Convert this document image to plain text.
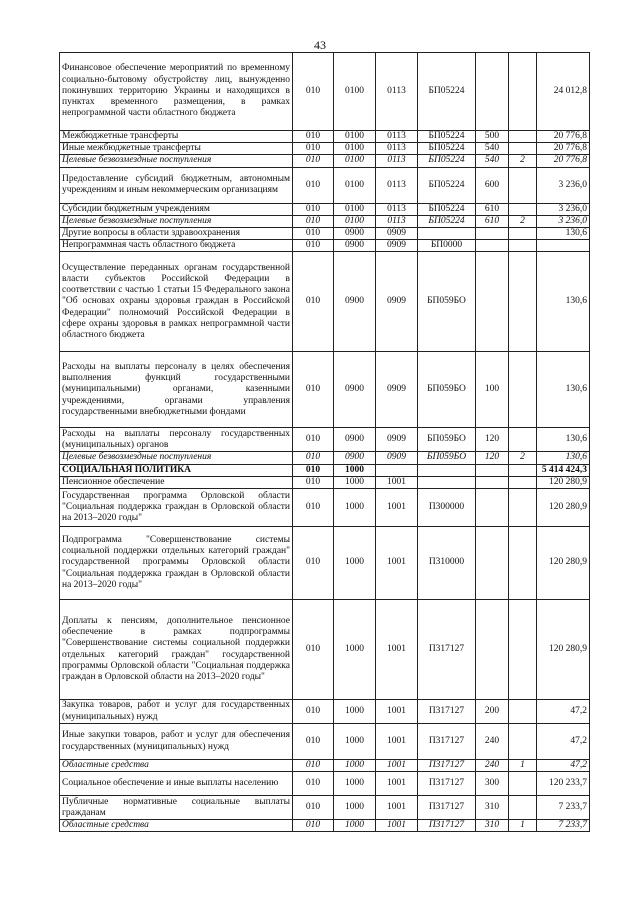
43
Финансовое обеспечение мероприятий по временному социально-бытовому обустройству лиц, вынужденно покинувших территорию Украины и находящихся в пунктах временного размещения, в рамках непрограммной части областного бюджета	010	0100	0113	БП05224			24 012,8
Межбюджетные трансферты	010	0100	0113	БП05224	500		20 776,8
Иные межбюджетные трансферты	010	0100	0113	БП05224	540		20 776,8
Целевые безвозмездные поступления	010	0100	0113	БП05224	540	2	20 776,8
Предоставление субсидий бюджетным, автономным учреждениям и иным некоммерческим организациям	010	0100	0113	БП05224	600		3 236,0
Субсидии бюджетным учреждениям	010	0100	0113	БП05224	610		3 236,0
Целевые безвозмездные поступления	010	0100	0113	БП05224	610	2	3 236,0
Другие вопросы в области здравоохранения	010	0900	0909				130,6
Непрограммная часть областного бюджета	010	0900	0909	БП0000			
Осуществление переданных органам государственной власти субъектов Российской Федерации в соответствии с частью 1 статьи 15 Федерального закона "Об основах охраны здоровья граждан в Российской Федерации" полномочий Российской Федерации в сфере охраны здоровья в рамках непрограммной части областного бюджета	010	0900	0909	БП059БО			130,6
Расходы на выплаты персоналу в целях обеспечения выполнения функций государственными (муниципальными) органами, казенными учреждениями, органами управления государственными внебюджетными фондами	010	0900	0909	БП059БО	100		130,6
Расходы на выплаты персоналу государственных (муниципальных) органов	010	0900	0909	БП059БО	120		130,6
Целевые безвозмездные поступления	010	0900	0909	БП059БО	120	2	130,6
СОЦИАЛЬНАЯ ПОЛИТИКА	010	1000					5 414 424,3
Пенсионное обеспечение	010	1000	1001				120 280,9
Государственная программа Орловской области "Социальная поддержка граждан в Орловской области на 2013–2020 годы"	010	1000	1001	П300000			120 280,9
Подпрограмма "Совершенствование системы социальной поддержки отдельных категорий граждан" государственной программы Орловской области "Социальная поддержка граждан в Орловской области на 2013–2020 годы"	010	1000	1001	П310000			120 280,9
Доплаты к пенсиям, дополнительное пенсионное обеспечение в рамках подпрограммы "Совершенствование системы социальной поддержки отдельных категорий граждан" государственной программы Орловской области "Социальная поддержка граждан в Орловской области на 2013–2020 годы"	010	1000	1001	П317127			120 280,9
Закупка товаров, работ и услуг для государственных (муниципальных) нужд	010	1000	1001	П317127	200		47,2
Иные закупки товаров, работ и услуг для обеспечения государственных (муниципальных) нужд	010	1000	1001	П317127	240		47,2
Областные средства	010	1000	1001	П317127	240	1	47,2
Социальное обеспечение и иные выплаты населению	010	1000	1001	П317127	300		120 233,7
Публичные нормативные социальные выплаты гражданам	010	1000	1001	П317127	310		7 233,7
Областные средства	010	1000	1001	П317127	310	1	7 233,7
